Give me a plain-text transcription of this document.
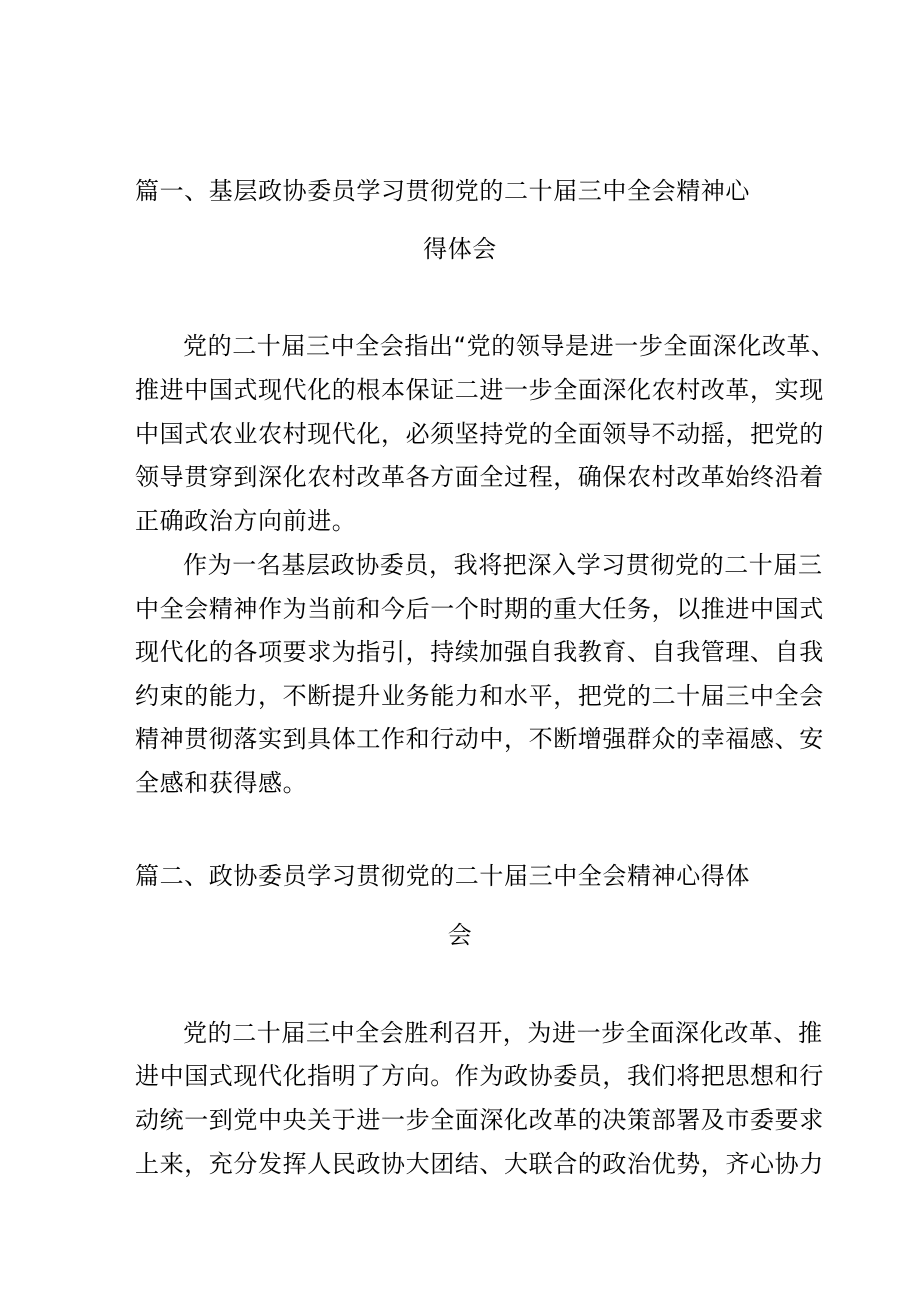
篇一、基层政协委员学习贯彻党的二十届三中全会精神心
得体会
党的二十届三中全会指出“党的领导是进一步全面深化改革、
推进中国式现代化的根本保证二进一步全面深化农村改革，实现
中国式农业农村现代化，必须坚持党的全面领导不动摇，把党的
领导贯穿到深化农村改革各方面全过程，确保农村改革始终沿着
正确政治方向前进。
作为一名基层政协委员，我将把深入学习贯彻党的二十届三
中全会精神作为当前和今后一个时期的重大任务，以推进中国式
现代化的各项要求为指引，持续加强自我教育、自我管理、自我
约束的能力，不断提升业务能力和水平，把党的二十届三中全会
精神贯彻落实到具体工作和行动中，不断增强群众的幸福感、安
全感和获得感。
篇二、政协委员学习贯彻党的二十届三中全会精神心得体
会
党的二十届三中全会胜利召开，为进一步全面深化改革、推
进中国式现代化指明了方向。作为政协委员，我们将把思想和行
动统一到党中央关于进一步全面深化改革的决策部署及市委要求
上来，充分发挥人民政协大团结、大联合的政治优势，齐心协力
